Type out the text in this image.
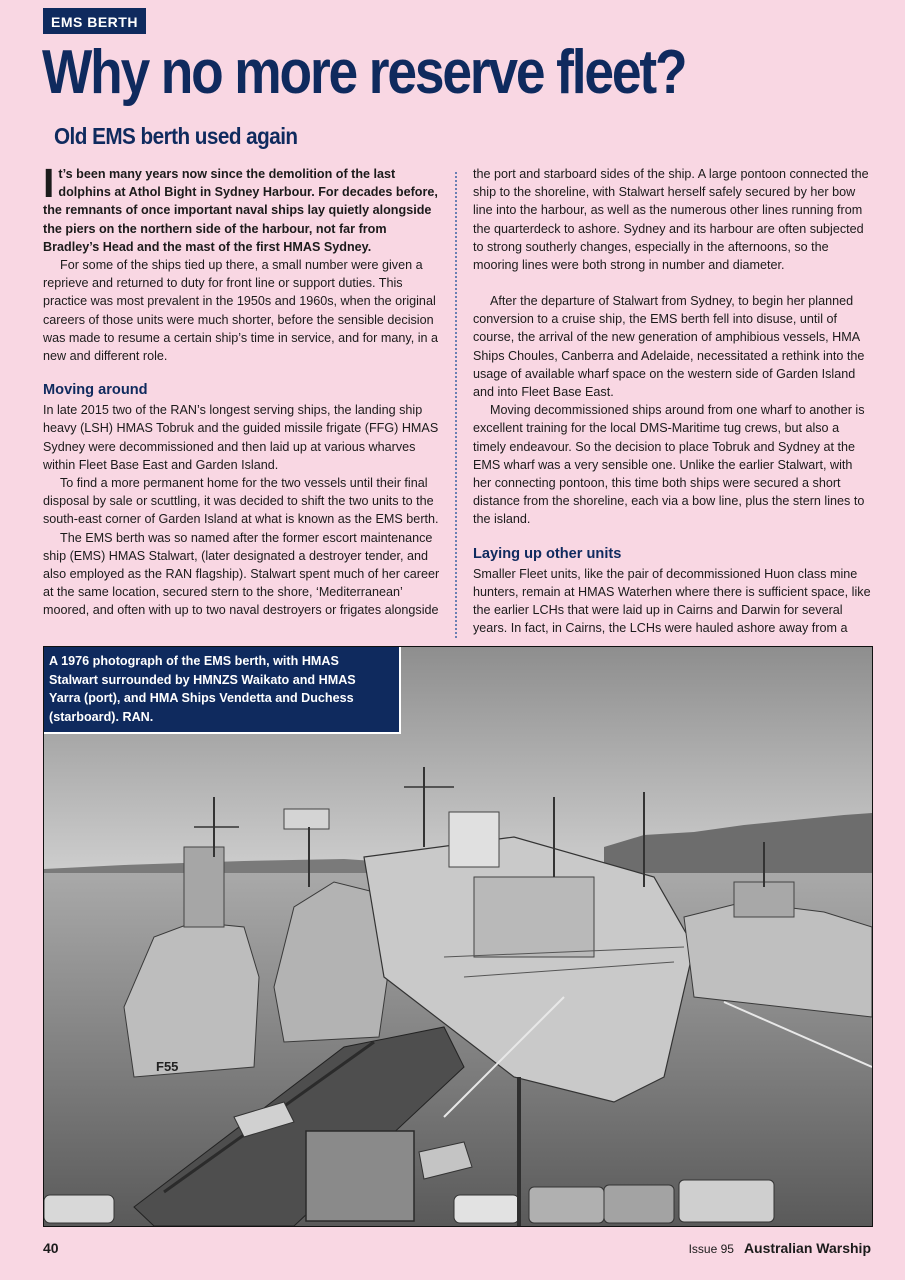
EMS BERTH
Why no more reserve fleet?
Old EMS berth used again

It’s been many years now since the demolition of the last dolphins at Athol Bight in Sydney Harbour. For decades before, the remnants of once important naval ships lay quietly alongside the piers on the northern side of the harbour, not far from Bradley’s Head and the mast of the first HMAS Sydney.

For some of the ships tied up there, a small number were given a reprieve and returned to duty for front line or support duties. This practice was most prevalent in the 1950s and 1960s, when the original careers of those units were much shorter, before the sensible decision was made to resume a certain ship’s time in service, and for many, in a new and different role.

Moving around

In late 2015 two of the RAN’s longest serving ships, the landing ship heavy (LSH) HMAS Tobruk and the guided missile frigate (FFG) HMAS Sydney were decommissioned and then laid up at various wharves within Fleet Base East and Garden Island.

To find a more permanent home for the two vessels until their final disposal by sale or scuttling, it was decided to shift the two units to the south-east corner of Garden Island at what is known as the EMS berth.

The EMS berth was so named after the former escort maintenance ship (EMS) HMAS Stalwart, (later designated a destroyer tender, and also employed as the RAN flagship). Stalwart spent much of her career at the same location, secured stern to the shore, ‘Mediterranean’ moored, and often with up to two naval destroyers or frigates alongside

the port and starboard sides of the ship. A large pontoon connected the ship to the shoreline, with Stalwart herself safely secured by her bow line into the harbour, as well as the numerous other lines running from the quarterdeck to ashore. Sydney and its harbour are often subjected to strong southerly changes, especially in the afternoons, so the mooring lines were both strong in number and diameter.

After the departure of Stalwart from Sydney, to begin her planned conversion to a cruise ship, the EMS berth fell into disuse, until of course, the arrival of the new generation of amphibious vessels, HMA Ships Choules, Canberra and Adelaide, necessitated a rethink into the usage of available wharf space on the western side of Garden Island and into Fleet Base East.

Moving decommissioned ships around from one wharf to another is excellent training for the local DMS-Maritime tug crews, but also a timely endeavour. So the decision to place Tobruk and Sydney at the EMS wharf was a very sensible one. Unlike the earlier Stalwart, with her connecting pontoon, this time both ships were secured a short distance from the shoreline, each via a bow line, plus the stern lines to the island.

Laying up other units

Smaller Fleet units, like the pair of decommissioned Huon class mine hunters, remain at HMAS Waterhen where there is sufficient space, like the earlier LCHs that were laid up in Cairns and Darwin for several years. In fact, in Cairns, the LCHs were hauled ashore away from a

F55
A 1976 photograph of the EMS berth, with HMAS Stalwart surrounded by HMNZS Waikato and HMAS Yarra (port), and HMA Ships Vendetta and Duchess (starboard). RAN.
40	Issue 95 Australian Warship
